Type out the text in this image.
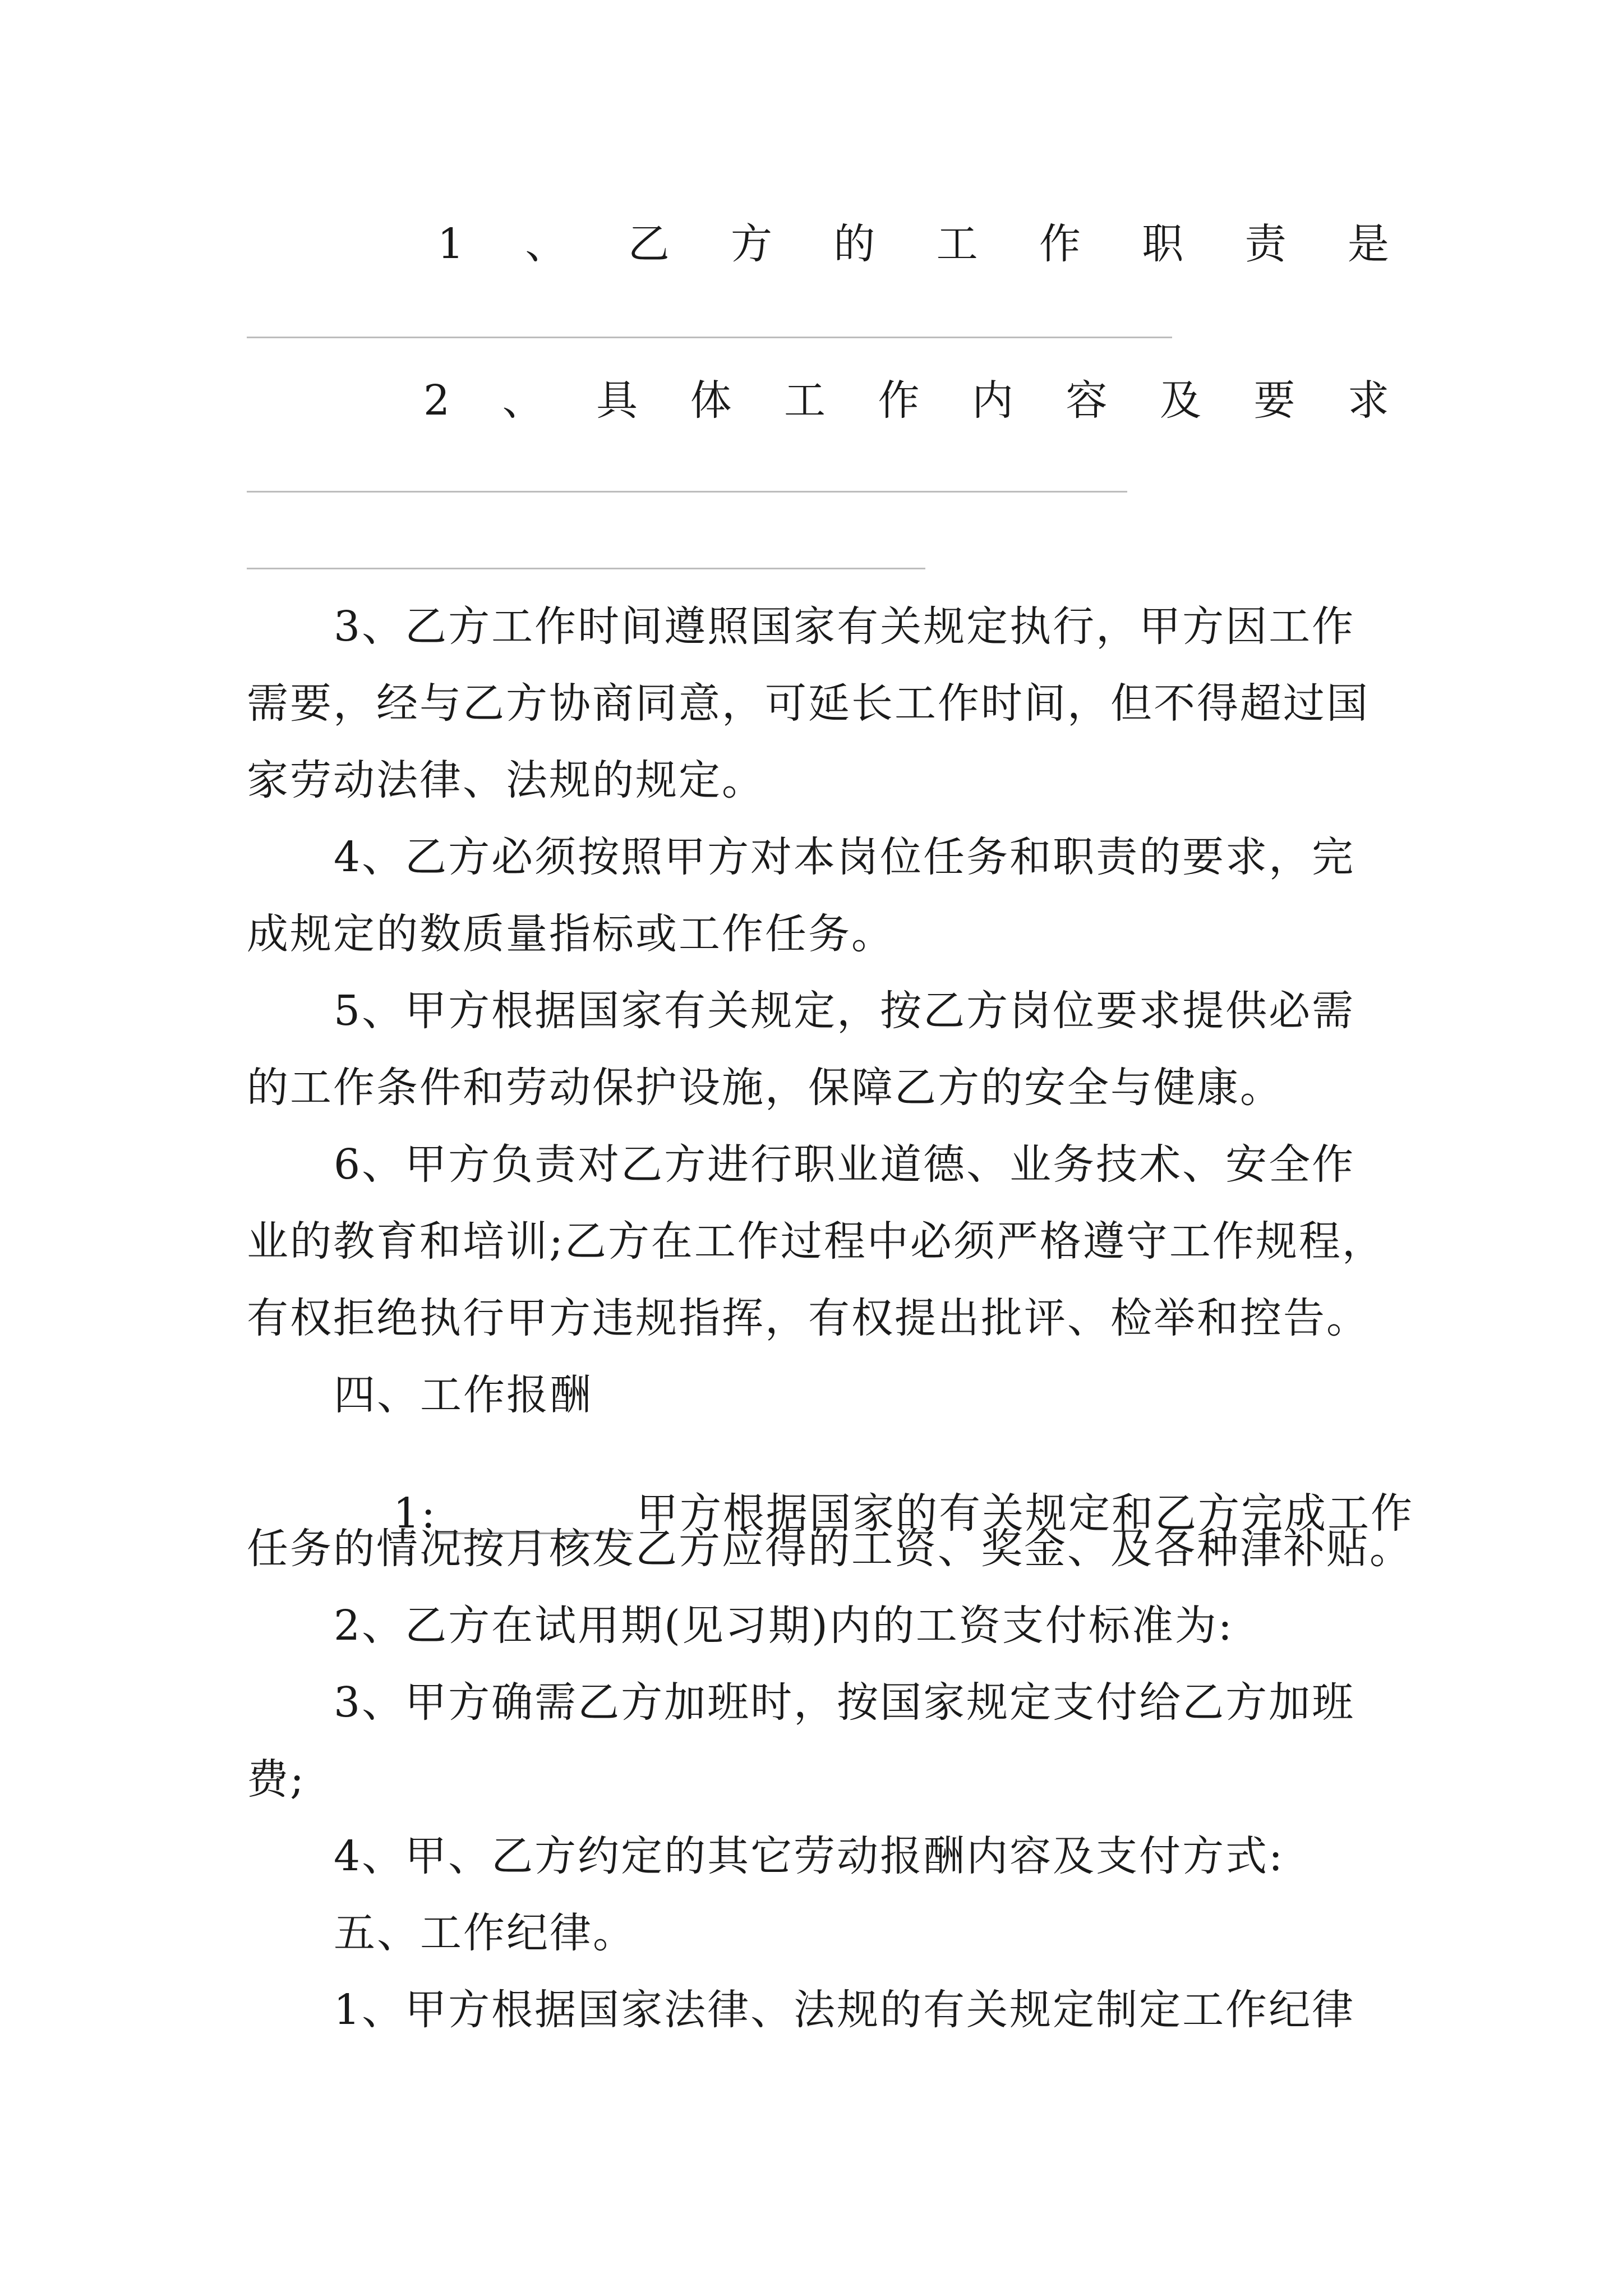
1 、 乙 方 的 工 作 职 责 是
2 、 具 体 工 作 内 容 及 要 求
3、乙方工作时间遵照国家有关规定执行，甲方因工作
需要，经与乙方协商同意，可延长工作时间，但不得超过国
家劳动法律、法规的规定。
4、乙方必须按照甲方对本岗位任务和职责的要求，完
成规定的数质量指标或工作任务。
5、甲方根据国家有关规定，按乙方岗位要求提供必需
的工作条件和劳动保护设施，保障乙方的安全与健康。
6、甲方负责对乙方进行职业道德、业务技术、安全作
业的教育和培训;乙方在工作过程中必须严格遵守工作规程，
有权拒绝执行甲方违规指挥，有权提出批评、检举和控告。
四、工作报酬

1:	甲方根据国家的有关规定和乙方完成工作

任务的情况按月核发乙方应得的工资、奖金、及各种津补贴。
2、乙方在试用期(见习期)内的工资支付标准为:
3、甲方确需乙方加班时，按国家规定支付给乙方加班
费;
4、甲、乙方约定的其它劳动报酬内容及支付方式:
五、工作纪律。
1、甲方根据国家法律、法规的有关规定制定工作纪律
